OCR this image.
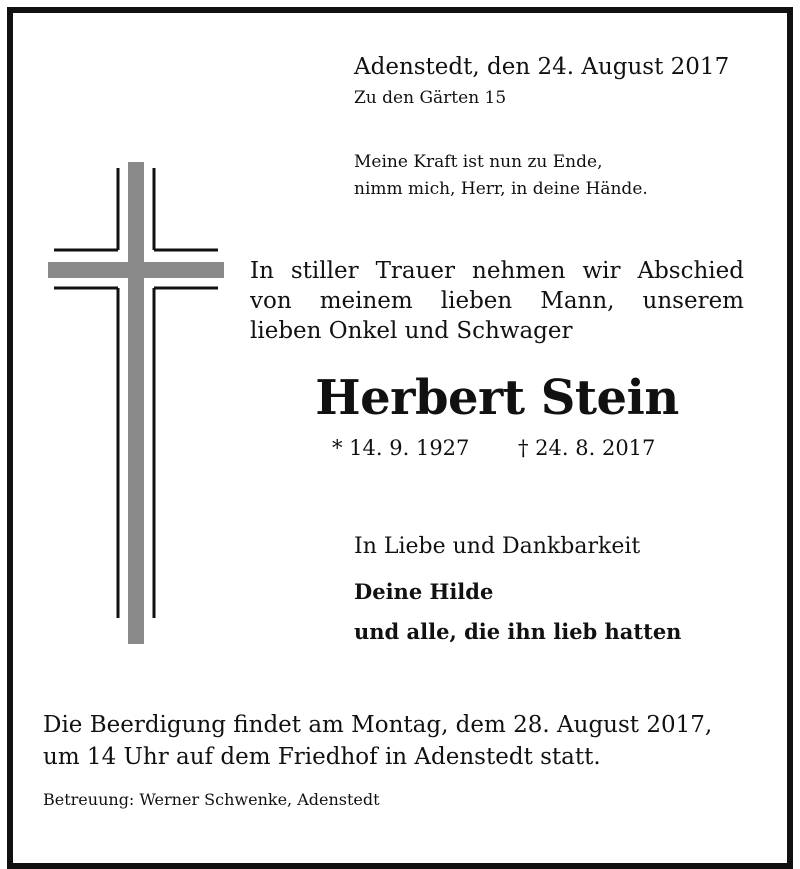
Adenstedt, den 24. August 2017
Zu den Gärten 15
Meine Kraft ist nun zu Ende,
nimm mich, Herr, in deine Hände.
In stiller Trauer nehmen wir Abschied
von meinem lieben Mann, unserem
lieben Onkel und Schwager
Herbert Stein
* 14. 9. 1927 † 24. 8. 2017
In Liebe und Dankbarkeit
Deine Hilde
und alle, die ihn lieb hatten
Die Beerdigung findet am Montag, dem 28. August 2017,
um 14 Uhr auf dem Friedhof in Adenstedt statt.
Betreuung: Werner Schwenke, Adenstedt
